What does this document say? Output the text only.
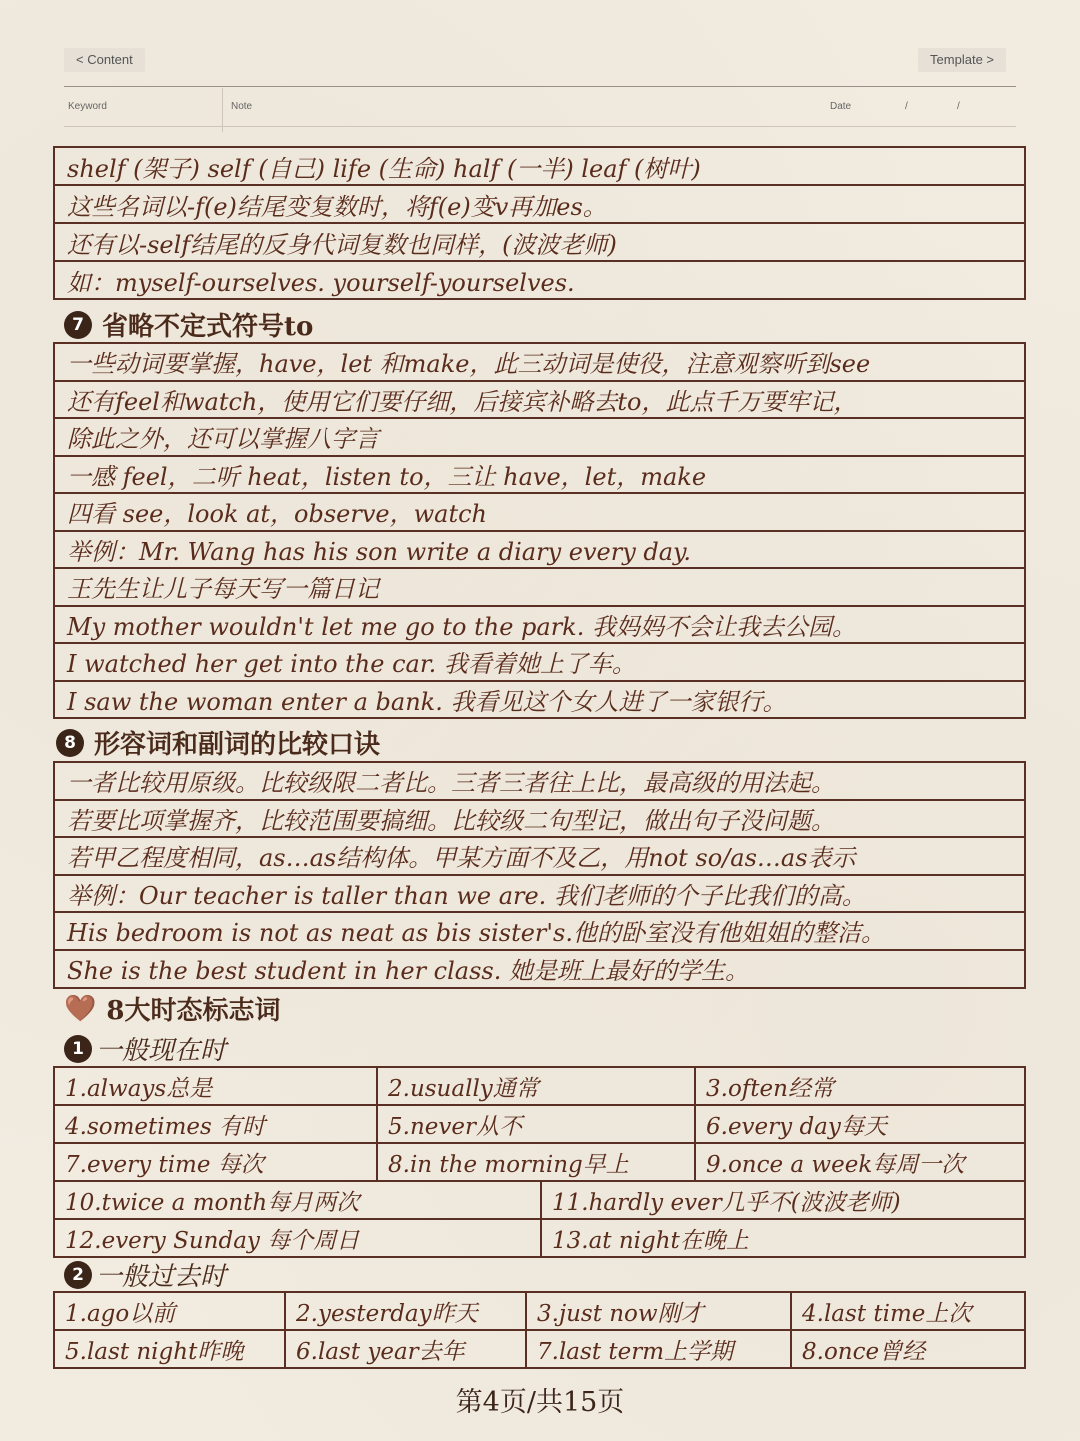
< Content	Template >
Keyword	Note	Date	/	/
shelf (架子) self (自己) life (生命) half (一半) leaf (树叶)
这些名词以-f(e)结尾变复数时，将f(e)变v再加es。
还有以-self结尾的反身代词复数也同样，(波波老师)
如：myself-ourselves. yourself-yourselves.
7 省略不定式符号to
一些动词要掌握，have，let 和make，此三动词是使役，注意观察听到see
还有feel和watch，使用它们要仔细，后接宾补略去to，此点千万要牢记，
除此之外，还可以掌握八字言
一感 feel，二听 heat，listen to，三让 have，let，make
四看 see，look at，observe，watch
举例：Mr. Wang has his son write a diary every day.
王先生让儿子每天写一篇日记
My mother wouldn't let me go to the park. 我妈妈不会让我去公园。
I watched her get into the car. 我看着她上了车。
I saw the woman enter a bank. 我看见这个女人进了一家银行。
8 形容词和副词的比较口诀
一者比较用原级。比较级限二者比。三者三者往上比，最高级的用法起。
若要比项掌握齐，比较范围要搞细。比较级二句型记，做出句子没问题。
若甲乙程度相同，as…as结构体。甲某方面不及乙，用not so/as…as表示
举例：Our teacher is taller than we are. 我们老师的个子比我们的高。
His bedroom is not as neat as bis sister's.他的卧室没有他姐姐的整洁。
She is the best student in her class. 她是班上最好的学生。
🤎 8大时态标志词
1 一般现在时
1.always总是	2.usually通常	3.often经常
4.sometimes 有时	5.never从不	6.every day每天
7.every time 每次	8.in the morning早上	9.once a week每周一次
10.twice a month每月两次	11.hardly ever几乎不(波波老师)
12.every Sunday 每个周日	13.at night在晚上
2 一般过去时
1.ago以前	2.yesterday昨天	3.just now刚才	4.last time上次
5.last night昨晚	6.last year去年	7.last term上学期	8.once曾经
第4页/共15页
